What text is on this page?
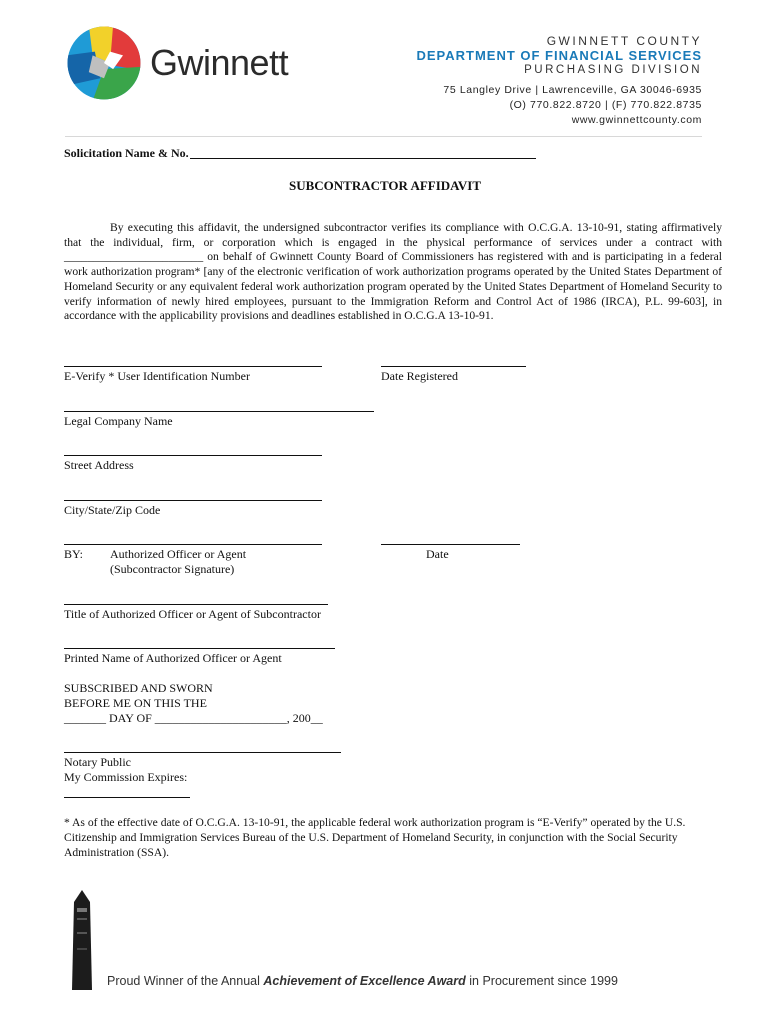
Gwinnett
GWINNETT COUNTY
DEPARTMENT OF FINANCIAL SERVICES
PURCHASING DIVISION
75 Langley Drive | Lawrenceville, GA 30046-6935
(O) 770.822.8720 | (F) 770.822.8735
www.gwinnettcounty.com
Solicitation Name & No.
SUBCONTRACTOR AFFIDAVIT
By executing this affidavit, the undersigned subcontractor verifies its compliance with O.C.G.A. 13-10-91, stating affirmatively that the individual, firm, or corporation which is engaged in the physical performance of services under a contract with ________________________ on behalf of Gwinnett County Board of Commissioners has registered with and is participating in a federal work authorization program* [any of the electronic verification of work authorization programs operated by the United States Department of Homeland Security or any equivalent federal work authorization program operated by the United States Department of Homeland Security to verify information of newly hired employees, pursuant to the Immigration Reform and Control Act of 1986 (IRCA), P.L. 99-603], in accordance with the applicability provisions and deadlines established in O.C.G.A 13-10-91.
E-Verify * User Identification Number	Date Registered
Legal Company Name
Street Address
City/State/Zip Code
BY: Authorized Officer or Agent
(Subcontractor Signature)
Date
Title of Authorized Officer or Agent of Subcontractor
Printed Name of Authorized Officer or Agent
SUBSCRIBED AND SWORN
BEFORE ME ON THIS THE
_______ DAY OF ______________________, 200__
Notary Public
My Commission Expires:
* As of the effective date of O.C.G.A. 13-10-91, the applicable federal work authorization program is “E-Verify” operated by the U.S. Citizenship and Immigration Services Bureau of the U.S. Department of Homeland Security, in conjunction with the Social Security Administration (SSA).
Proud Winner of the Annual Achievement of Excellence Award in Procurement since 1999
